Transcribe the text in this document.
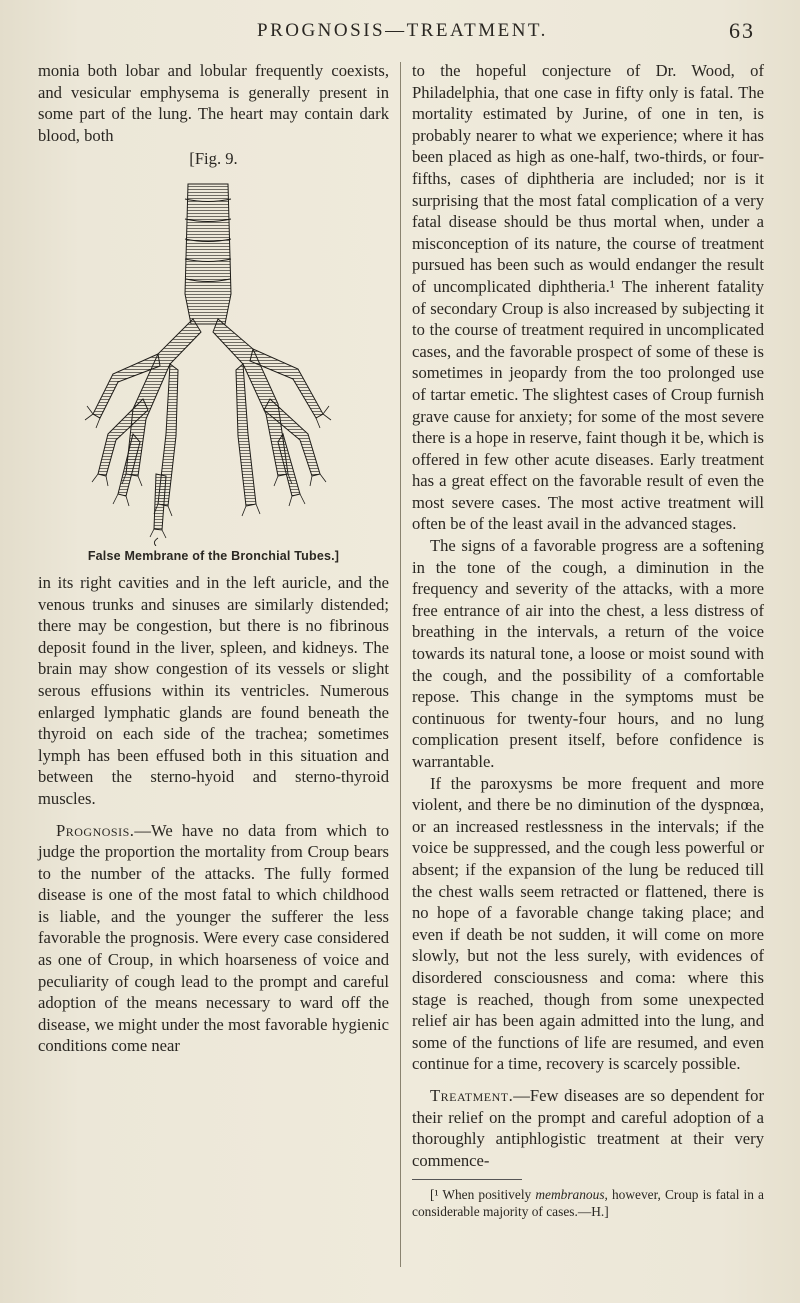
PROGNOSIS—TREATMENT.	63

monia both lobar and lobular frequently coexists, and vesicular emphysema is generally present in some part of the lung. The heart may contain dark blood, both

[Fig. 9.
False Membrane of the Bronchial Tubes.]

in its right cavities and in the left auricle, and the venous trunks and sinuses are similarly distended; there may be congestion, but there is no fibrinous deposit found in the liver, spleen, and kidneys. The brain may show congestion of its vessels or slight serous effusions within its ventricles. Numerous enlarged lymphatic glands are found beneath the thyroid on each side of the trachea; sometimes lymph has been effused both in this situation and between the sterno-hyoid and sterno-thyroid muscles.

Prognosis.—We have no data from which to judge the proportion the mortality from Croup bears to the number of the attacks. The fully formed disease is one of the most fatal to which childhood is liable, and the younger the sufferer the less favorable the prognosis. Were every case considered as one of Croup, in which hoarseness of voice and peculiarity of cough lead to the prompt and careful adoption of the means necessary to ward off the disease, we might under the most favorable hygienic conditions come near

to the hopeful conjecture of Dr. Wood, of Philadelphia, that one case in fifty only is fatal. The mortality estimated by Jurine, of one in ten, is probably nearer to what we experience; where it has been placed as high as one-half, two-thirds, or four-fifths, cases of diphtheria are included; nor is it surprising that the most fatal complication of a very fatal disease should be thus mortal when, under a misconception of its nature, the course of treatment pursued has been such as would endanger the result of uncomplicated diphtheria.¹ The inherent fatality of secondary Croup is also increased by subjecting it to the course of treatment required in uncomplicated cases, and the favorable prospect of some of these is sometimes in jeopardy from the too prolonged use of tartar emetic. The slightest cases of Croup furnish grave cause for anxiety; for some of the most severe there is a hope in reserve, faint though it be, which is offered in few other acute diseases. Early treatment has a great effect on the favorable result of even the most severe cases. The most active treatment will often be of the least avail in the advanced stages.

The signs of a favorable progress are a softening in the tone of the cough, a diminution in the frequency and severity of the attacks, with a more free entrance of air into the chest, a less distress of breathing in the intervals, a return of the voice towards its natural tone, a loose or moist sound with the cough, and the possibility of a comfortable repose. This change in the symptoms must be continuous for twenty-four hours, and no lung complication present itself, before confidence is warrantable.

If the paroxysms be more frequent and more violent, and there be no diminution of the dyspnœa, or an increased restlessness in the intervals; if the voice be suppressed, and the cough less powerful or absent; if the expansion of the lung be reduced till the chest walls seem retracted or flattened, there is no hope of a favorable change taking place; and even if death be not sudden, it will come on more slowly, but not the less surely, with evidences of disordered consciousness and coma: where this stage is reached, though from some unexpected relief air has been again admitted into the lung, and some of the functions of life are resumed, and even continue for a time, recovery is scarcely possible.

Treatment.—Few diseases are so dependent for their relief on the prompt and careful adoption of a thoroughly antiphlogistic treatment at their very commence-

[¹ When positively membranous, however, Croup is fatal in a considerable majority of cases.—H.]
